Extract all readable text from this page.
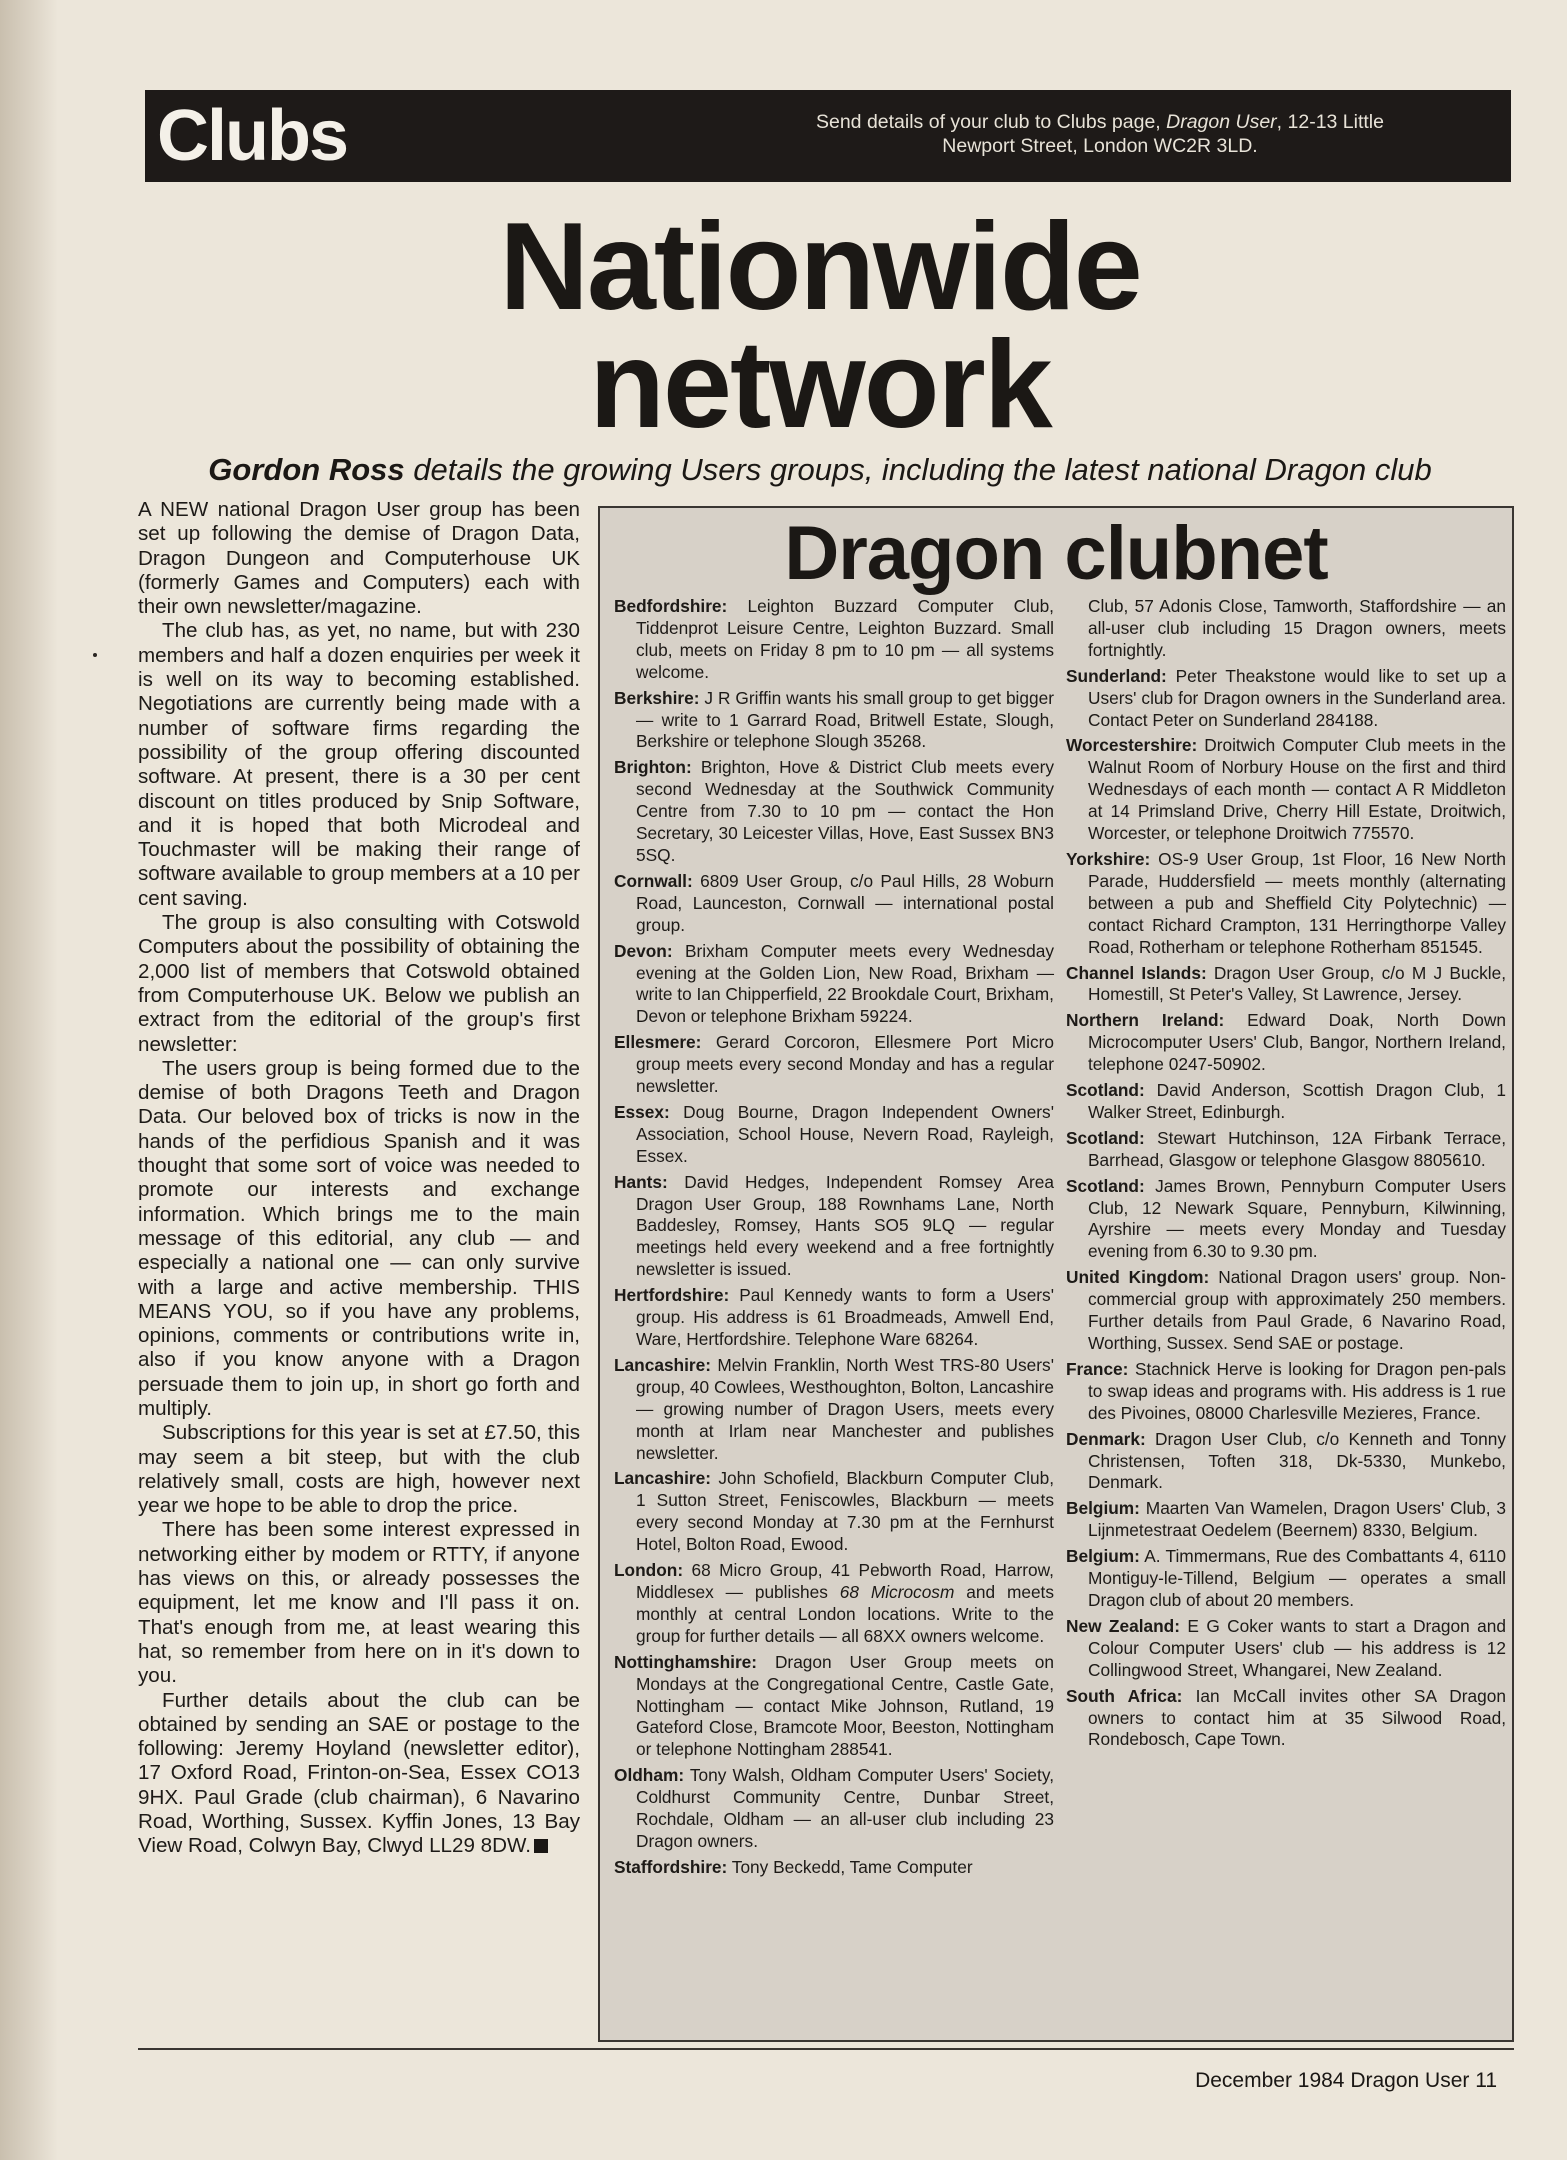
Clubs	Send details of your club to Clubs page, Dragon User, 12-13 Little
Newport Street, London WC2R 3LD.
Nationwide
network
Gordon Ross details the growing Users groups, including the latest national Dragon club

A NEW national Dragon User group has been set up following the demise of Dragon Data, Dragon Dungeon and Computerhouse UK (formerly Games and Computers) each with their own newsletter/magazine.

The club has, as yet, no name, but with 230 members and half a dozen enquiries per week it is well on its way to becoming established. Negotiations are currently being made with a number of software firms regarding the possibility of the group offering discounted software. At present, there is a 30 per cent discount on titles produced by Snip Software, and it is hoped that both Microdeal and Touchmaster will be making their range of software available to group members at a 10 per cent saving.

The group is also consulting with Cotswold Computers about the possibility of obtaining the 2,000 list of members that Cotswold obtained from Computerhouse UK. Below we publish an extract from the editorial of the group's first newsletter:

The users group is being formed due to the demise of both Dragons Teeth and Dragon Data. Our beloved box of tricks is now in the hands of the perfidious Spanish and it was thought that some sort of voice was needed to promote our interests and exchange information. Which brings me to the main message of this editorial, any club — and especially a national one — can only survive with a large and active membership. THIS MEANS YOU, so if you have any problems, opinions, comments or contributions write in, also if you know anyone with a Dragon persuade them to join up, in short go forth and multiply.

Subscriptions for this year is set at £7.50, this may seem a bit steep, but with the club relatively small, costs are high, however next year we hope to be able to drop the price.

There has been some interest expressed in networking either by modem or RTTY, if anyone has views on this, or already possesses the equipment, let me know and I'll pass it on. That's enough from me, at least wearing this hat, so remember from here on in it's down to you.

Further details about the club can be obtained by sending an SAE or postage to the following: Jeremy Hoyland (newsletter editor), 17 Oxford Road, Frinton-on-Sea, Essex CO13 9HX. Paul Grade (club chairman), 6 Navarino Road, Worthing, Sussex. Kyffin Jones, 13 Bay View Road, Colwyn Bay, Clwyd LL29 8DW.

Dragon clubnet
Bedfordshire: Leighton Buzzard Computer Club, Tiddenprot Leisure Centre, Leighton Buzzard. Small club, meets on Friday 8 pm to 10 pm — all systems welcome.
Berkshire: J R Griffin wants his small group to get bigger — write to 1 Garrard Road, Britwell Estate, Slough, Berkshire or telephone Slough 35268.
Brighton: Brighton, Hove & District Club meets every second Wednesday at the Southwick Community Centre from 7.30 to 10 pm — contact the Hon Secretary, 30 Leicester Villas, Hove, East Sussex BN3 5SQ.
Cornwall: 6809 User Group, c/o Paul Hills, 28 Woburn Road, Launceston, Cornwall — international postal group.
Devon: Brixham Computer meets every Wednesday evening at the Golden Lion, New Road, Brixham — write to Ian Chipperfield, 22 Brookdale Court, Brixham, Devon or telephone Brixham 59224.
Ellesmere: Gerard Corcoron, Ellesmere Port Micro group meets every second Monday and has a regular newsletter.
Essex: Doug Bourne, Dragon Independent Owners' Association, School House, Nevern Road, Rayleigh, Essex.
Hants: David Hedges, Independent Romsey Area Dragon User Group, 188 Rownhams Lane, North Baddesley, Romsey, Hants SO5 9LQ — regular meetings held every weekend and a free fortnightly newsletter is issued.
Hertfordshire: Paul Kennedy wants to form a Users' group. His address is 61 Broadmeads, Amwell End, Ware, Hertfordshire. Telephone Ware 68264.
Lancashire: Melvin Franklin, North West TRS-80 Users' group, 40 Cowlees, Westhoughton, Bolton, Lancashire — growing number of Dragon Users, meets every month at Irlam near Manchester and publishes newsletter.
Lancashire: John Schofield, Blackburn Computer Club, 1 Sutton Street, Feniscowles, Blackburn — meets every second Monday at 7.30 pm at the Fernhurst Hotel, Bolton Road, Ewood.
London: 68 Micro Group, 41 Pebworth Road, Harrow, Middlesex — publishes 68 Microcosm and meets monthly at central London locations. Write to the group for further details — all 68XX owners welcome.
Nottinghamshire: Dragon User Group meets on Mondays at the Congregational Centre, Castle Gate, Nottingham — contact Mike Johnson, Rutland, 19 Gateford Close, Bramcote Moor, Beeston, Nottingham or telephone Nottingham 288541.
Oldham: Tony Walsh, Oldham Computer Users' Society, Coldhurst Community Centre, Dunbar Street, Rochdale, Oldham — an all-user club including 23 Dragon owners.
Staffordshire: Tony Beckedd, Tame Computer
Club, 57 Adonis Close, Tamworth, Staffordshire — an all-user club including 15 Dragon owners, meets fortnightly.
Sunderland: Peter Theakstone would like to set up a Users' club for Dragon owners in the Sunderland area. Contact Peter on Sunderland 284188.
Worcestershire: Droitwich Computer Club meets in the Walnut Room of Norbury House on the first and third Wednesdays of each month — contact A R Middleton at 14 Primsland Drive, Cherry Hill Estate, Droitwich, Worcester, or telephone Droitwich 775570.
Yorkshire: OS-9 User Group, 1st Floor, 16 New North Parade, Huddersfield — meets monthly (alternating between a pub and Sheffield City Polytechnic) — contact Richard Crampton, 131 Herringthorpe Valley Road, Rotherham or telephone Rotherham 851545.
Channel Islands: Dragon User Group, c/o M J Buckle, Homestill, St Peter's Valley, St Lawrence, Jersey.
Northern Ireland: Edward Doak, North Down Microcomputer Users' Club, Bangor, Northern Ireland, telephone 0247-50902.
Scotland: David Anderson, Scottish Dragon Club, 1 Walker Street, Edinburgh.
Scotland: Stewart Hutchinson, 12A Firbank Terrace, Barrhead, Glasgow or telephone Glasgow 8805610.
Scotland: James Brown, Pennyburn Computer Users Club, 12 Newark Square, Pennyburn, Kilwinning, Ayrshire — meets every Monday and Tuesday evening from 6.30 to 9.30 pm.
United Kingdom: National Dragon users' group. Non-commercial group with approximately 250 members. Further details from Paul Grade, 6 Navarino Road, Worthing, Sussex. Send SAE or postage.
France: Stachnick Herve is looking for Dragon pen-pals to swap ideas and programs with. His address is 1 rue des Pivoines, 08000 Charlesville Mezieres, France.
Denmark: Dragon User Club, c/o Kenneth and Tonny Christensen, Toften 318, Dk-5330, Munkebo, Denmark.
Belgium: Maarten Van Wamelen, Dragon Users' Club, 3 Lijnmetestraat Oedelem (Beernem) 8330, Belgium.
Belgium: A. Timmermans, Rue des Combattants 4, 6110 Montiguy-le-Tillend, Belgium — operates a small Dragon club of about 20 members.
New Zealand: E G Coker wants to start a Dragon and Colour Computer Users' club — his address is 12 Collingwood Street, Whangarei, New Zealand.
South Africa: Ian McCall invites other SA Dragon owners to contact him at 35 Silwood Road, Rondebosch, Cape Town.
December 1984 Dragon User 11
